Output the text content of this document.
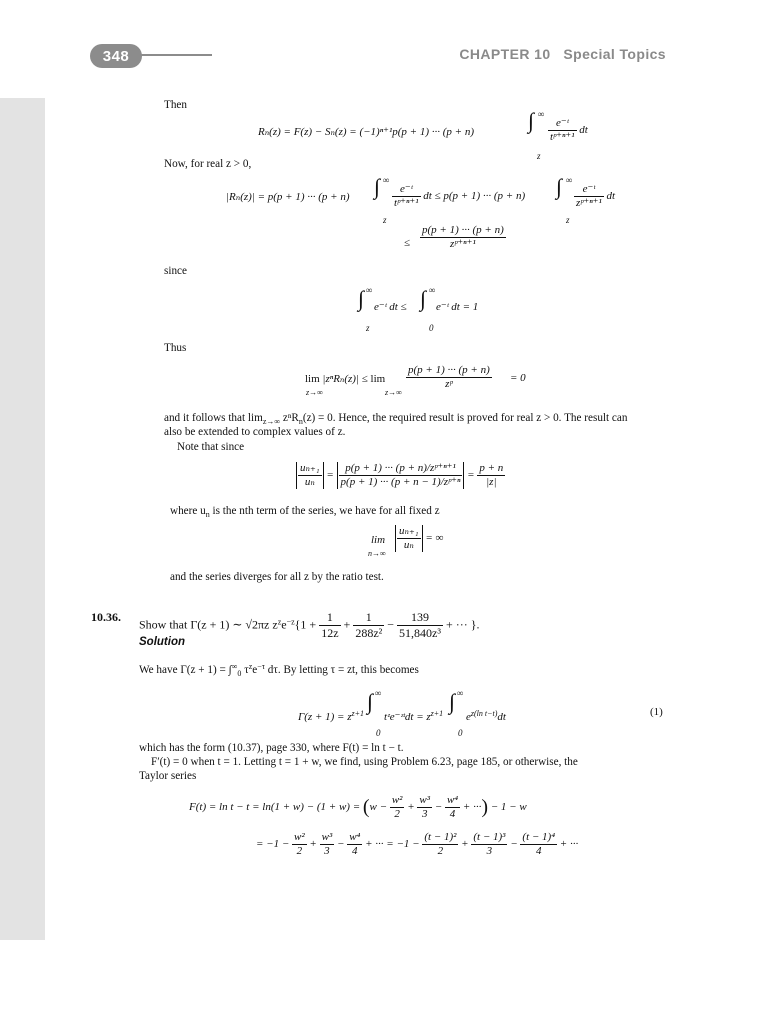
348	CHAPTER 10   Special Topics
Then
∞
Rₙ(z) = F(z) − Sₙ(z) = (−1)ⁿ⁺¹p(p + 1) ··· (p + n) ∫ $\frac{\text{e⁻ᵗ}}{\text{tᵖ⁺ⁿ⁺¹}}$ dt
z
Now, for real z > 0,
∞	∞
|Rₙ(z)| = p(p + 1) ··· (p + n) ∫ $\frac{\text{e⁻ᵗ}}{\text{tᵖ⁺ⁿ⁺¹}}$ dt ≤ p(p + 1) ··· (p + n) ∫ $\frac{\text{e⁻ᵗ}}{\text{zᵖ⁺ⁿ⁺¹}}$ dt
z	z
≤ $\frac{p(p + 1) \cdot\cdot\cdot (p + n)}{\text{zᵖ⁺ⁿ⁺¹}}$
since
∞	∞
∫ e⁻ᵗ dt ≤ ∫ e⁻ᵗ dt = 1
z	0
Thus
lim |zⁿRₙ(z)| ≤ lim
z→∞	z→∞
$\frac{p(p + 1) \cdot\cdot\cdot (p + n)}{\text{zᵖ}} = 0$
and it follows that $\lim_{z\to\infty} z^nR_n(z) = 0$. Hence, the required result is proved for real z > 0. The result can
also be extended to complex values of z.
Note that since
$\frac{\text{uₙ₊₁}}{\text{uₙ}} = \frac{\text{p(p + 1) ··· (p + n)/zᵖ⁺ⁿ⁺¹}}{\text{p(p + 1) ··· (p + n − 1)/zᵖ⁺ⁿ}} = \frac{p + n}{|z|}$
where $u_n$ is the nth term of the series, we have for all fixed z
lim
n→∞
$\frac{\text{uₙ₊₁}}{\text{uₙ}}$ = ∞
and the series diverges for all z by the ratio test.
10.36.
Show that Γ(z + 1) ∼ √2πz $z^ze^{-z}\{1 + \frac{1}{12z} + \frac{1}{\text{288z²}} - \frac{139}{\text{51,840z³}}$ + ··· }.
Solution
We have $\Gamma(z + 1) = \int^\infty_0$ $\tau^ze^{-\tau}$ dτ. By letting τ = zt, this becomes
∞	∞
$\Gamma(z + 1) = z^{z+1}$ ∫
tᶻe⁻ᶻᵗdt = $z^{z+1}$ ∫
$e^{z(ln t-t)}dt$
0	0
(1)
which has the form (10.37), page 330, where F(t) = ln t − t.
F′(t) = 0 when t = 1. Letting t = 1 + w, we find, using Problem 6.23, page 185, or otherwise, the
Taylor series
$F(t) = \ln t - t = \ln(1 + w) - (1 + w) = (w - \frac{\text{w²}}{2} + \frac{\text{w³}}{3} - \frac{\text{w⁴}}{4}$ + ···) − 1 − w
= $-1 - \frac{\text{w²}}{2} + \frac{\text{w³}}{3} - \frac{\text{w⁴}}{4}$ + ··· = $-1 - \frac{\text{(t − 1)²}}{2} + \frac{\text{(t − 1)³}}{3} - \frac{\text{(t − 1)⁴}}{4}$ + ···
